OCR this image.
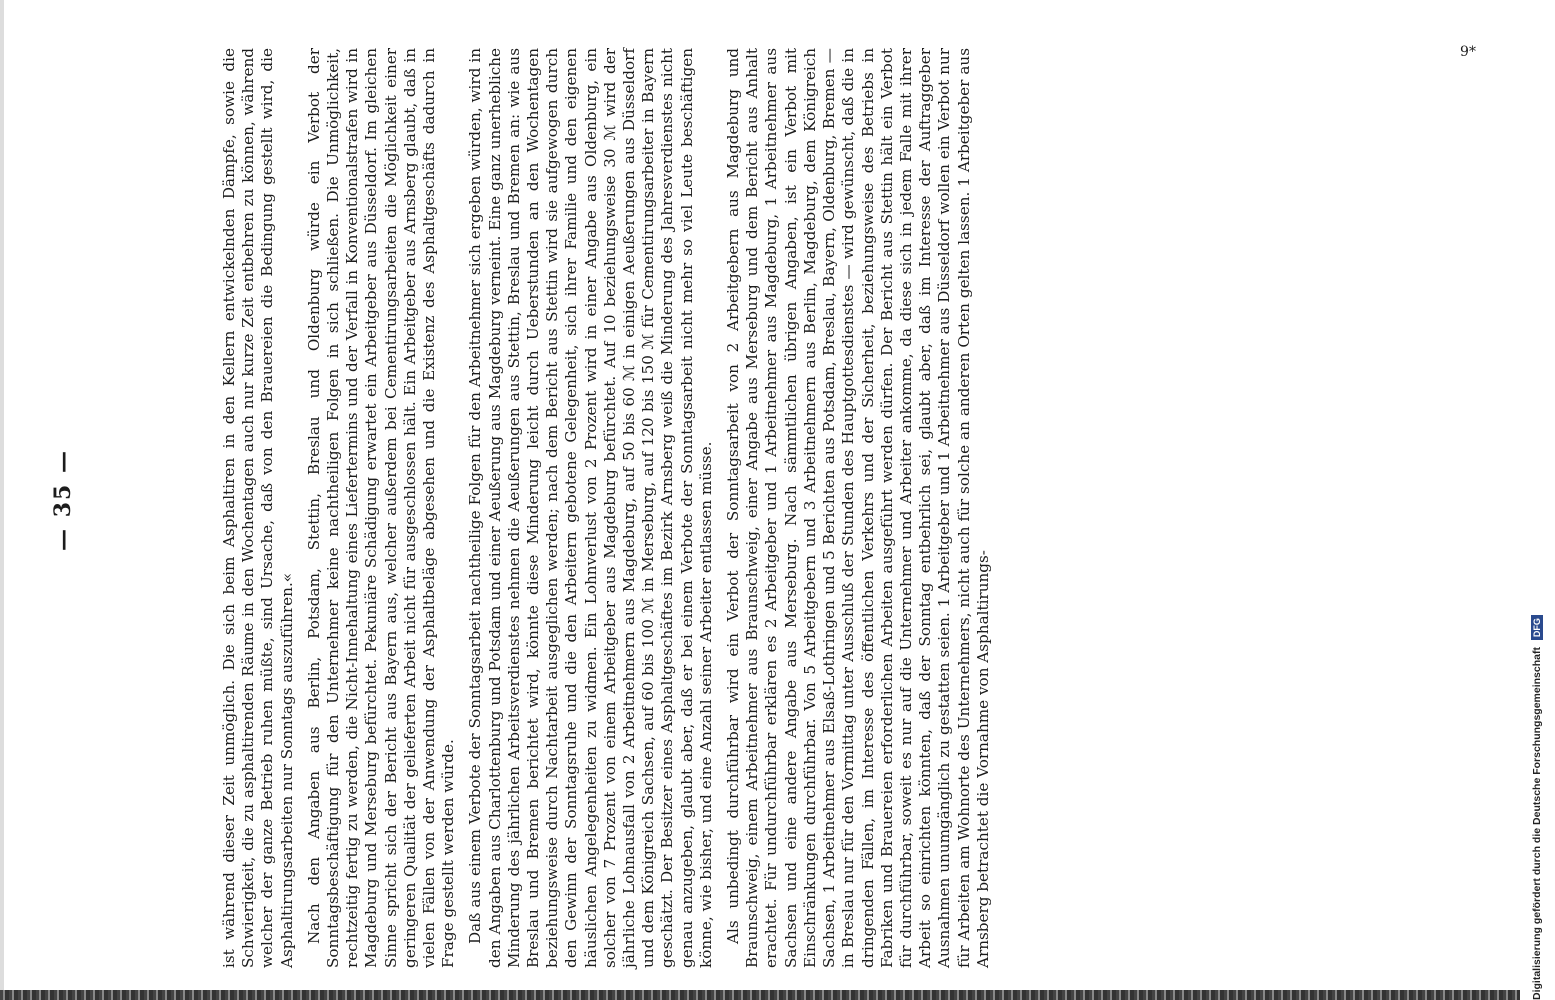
— 35 —	ist während dieser Zeit unmöglich. Die sich beim Asphaltiren in den Kellern entwickelnden Dämpfe, sowie die Schwierigkeit, die zu asphaltirenden Räume in den Wochentagen auch nur kurze Zeit entbehren zu können, während welcher der ganze Betrieb ruhen müßte, sind Ursache, daß von den Brauereien die Bedingung gestellt wird, die Asphaltirungsarbeiten nur Sonntags auszuführen.« Nach den Angaben aus Berlin, Potsdam, Stettin, Breslau und Oldenburg würde ein Verbot der Sonntagsbeschäftigung für den Unternehmer keine nachtheiligen Folgen in sich schließen. Die Unmöglichkeit, rechtzeitig fertig zu werden, die Nicht-Innehaltung eines Liefertermins und der Verfall in Konventionalstrafen wird in Magdeburg und Merseburg befürchtet. Pekuniäre Schädigung erwartet ein Arbeitgeber aus Düsseldorf. Im gleichen Sinne spricht sich der Bericht aus Bayern aus, welcher außerdem bei Cementirungsarbeiten die Möglichkeit einer geringeren Qualität der gelieferten Arbeit nicht für ausgeschlossen hält. Ein Arbeitgeber aus Arnsberg glaubt, daß in vielen Fällen von der Anwendung der Asphaltbeläge abgesehen und die Existenz des Asphaltgeschäfts dadurch in Frage gestellt werden würde. Daß aus einem Verbote der Sonntagsarbeit nachtheilige Folgen für den Arbeitnehmer sich ergeben würden, wird in den Angaben aus Charlottenburg und Potsdam und einer Aeußerung aus Magdeburg verneint. Eine ganz unerhebliche Minderung des jährlichen Arbeitsverdienstes nehmen die Aeußerungen aus Stettin, Breslau und Bremen an: wie aus Breslau und Bremen berichtet wird, könnte diese Minderung leicht durch Ueberstunden an den Wochentagen beziehungsweise durch Nachtarbeit ausgeglichen werden; nach dem Bericht aus Stettin wird sie aufgewogen durch den Gewinn der Sonntagsruhe und die den Arbeitern gebotene Gelegenheit, sich ihrer Familie und den eigenen häuslichen Angelegenheiten zu widmen. Ein Lohnverlust von 2 Prozent wird in einer Angabe aus Oldenburg, ein solcher von 7 Prozent von einem Arbeitgeber aus Magdeburg befürchtet. Auf 10 beziehungsweise 30 ℳ wird der jährliche Lohnausfall von 2 Arbeitnehmern aus Magdeburg, auf 50 bis 60 ℳ in einigen Aeußerungen aus Düsseldorf und dem Königreich Sachsen, auf 60 bis 100 ℳ in Merseburg, auf 120 bis 150 ℳ für Cementirungsarbeiter in Bayern geschätzt. Der Besitzer eines Asphaltgeschäftes im Bezirk Arnsberg weiß die Minderung des Jahresverdienstes nicht genau anzugeben, glaubt aber, daß er bei einem Verbote der Sonntagsarbeit nicht mehr so viel Leute beschäftigen könne, wie bisher, und eine Anzahl seiner Arbeiter entlassen müsse. Als unbedingt durchführbar wird ein Verbot der Sonntagsarbeit von 2 Arbeitgebern aus Magdeburg und Braunschweig, einem Arbeitnehmer aus Braunschweig, einer Angabe aus Merseburg und dem Bericht aus Anhalt erachtet. Für undurchführbar erklären es 2 Arbeitgeber und 1 Arbeitnehmer aus Magdeburg, 1 Arbeitnehmer aus Sachsen und eine andere Angabe aus Merseburg. Nach sämmtlichen übrigen Angaben, ist ein Verbot mit Einschränkungen durchführbar. Von 5 Arbeitgebern und 3 Arbeitnehmern aus Berlin, Magdeburg, dem Königreich Sachsen, 1 Arbeitnehmer aus Elsaß-Lothringen und 5 Berichten aus Potsdam, Breslau, Bayern, Oldenburg, Bremen — in Breslau nur für den Vormittag unter Ausschluß der Stunden des Hauptgottesdienstes — wird gewünscht, daß die in dringenden Fällen, im Interesse des öffentlichen Verkehrs und der Sicherheit, beziehungsweise des Betriebs in Fabriken und Brauereien erforderlichen Arbeiten ausgeführt werden dürfen. Der Bericht aus Stettin hält ein Verbot für durchführbar, soweit es nur auf die Unternehmer und Arbeiter ankomme, da diese sich in jedem Falle mit ihrer Arbeit so einrichten könnten, daß der Sonntag entbehrlich sei, glaubt aber, daß im Interesse der Auftraggeber Ausnahmen unumgänglich zu gestatten seien. 1 Arbeitgeber und 1 Arbeitnehmer aus Düsseldorf wollen ein Verbot nur für Arbeiten am Wohnorte des Unternehmers, nicht auch für solche an anderen Orten gelten lassen. 1 Arbeitgeber aus Arnsberg betrachtet die Vornahme von Asphaltirungs-

9*
Digitalisierung gefördert durch die Deutsche Forschungsgemeinschaft DFG
